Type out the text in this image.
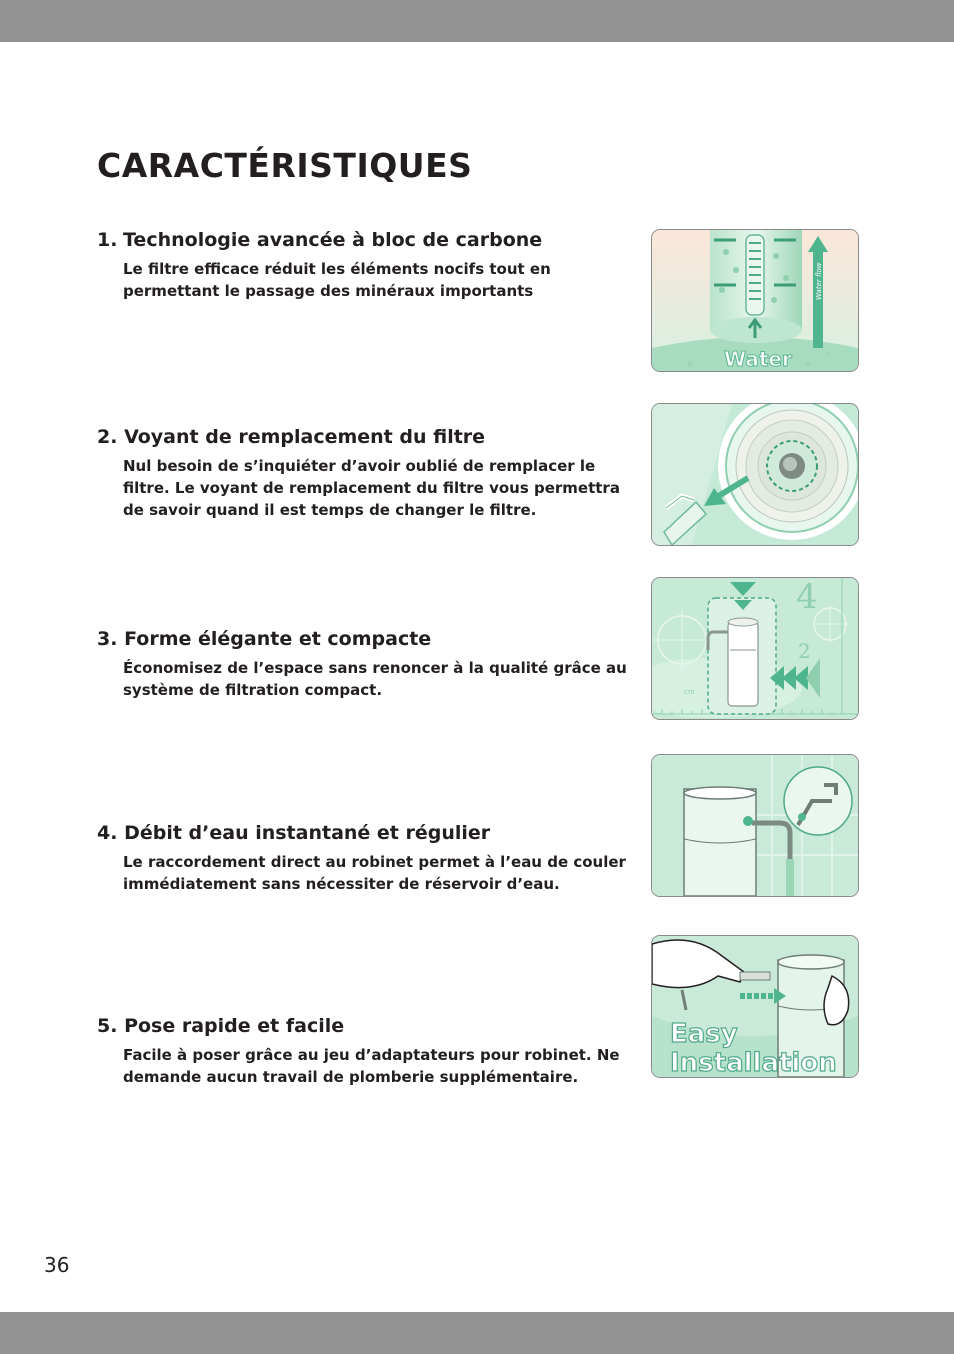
CARACTÉRISTIQUES
1. Technologie avancée à bloc de carbone

Le filtre efficace réduit les éléments nocifs tout en permettant le passage des minéraux importants	Water flow
Water
2. Voyant de remplacement du filtre

Nul besoin de s’inquiéter d’avoir oublié de remplacer le filtre. Le voyant de remplacement du filtre vous permettra de savoir quand il est temps de changer le filtre.

3. Forme élégante et compacte

Économisez de l’espace sans renoncer à la qualité grâce au système de filtration compact.

4
2
cm
4. Débit d’eau instantané et régulier

Le raccordement direct au robinet permet à l’eau de couler immédiatement sans nécessiter de réservoir d’eau.

5. Pose rapide et facile

Facile à poser grâce au jeu d’adaptateurs pour robinet. Ne demande aucun travail de plomberie supplémentaire.

Easy
Installation
36
